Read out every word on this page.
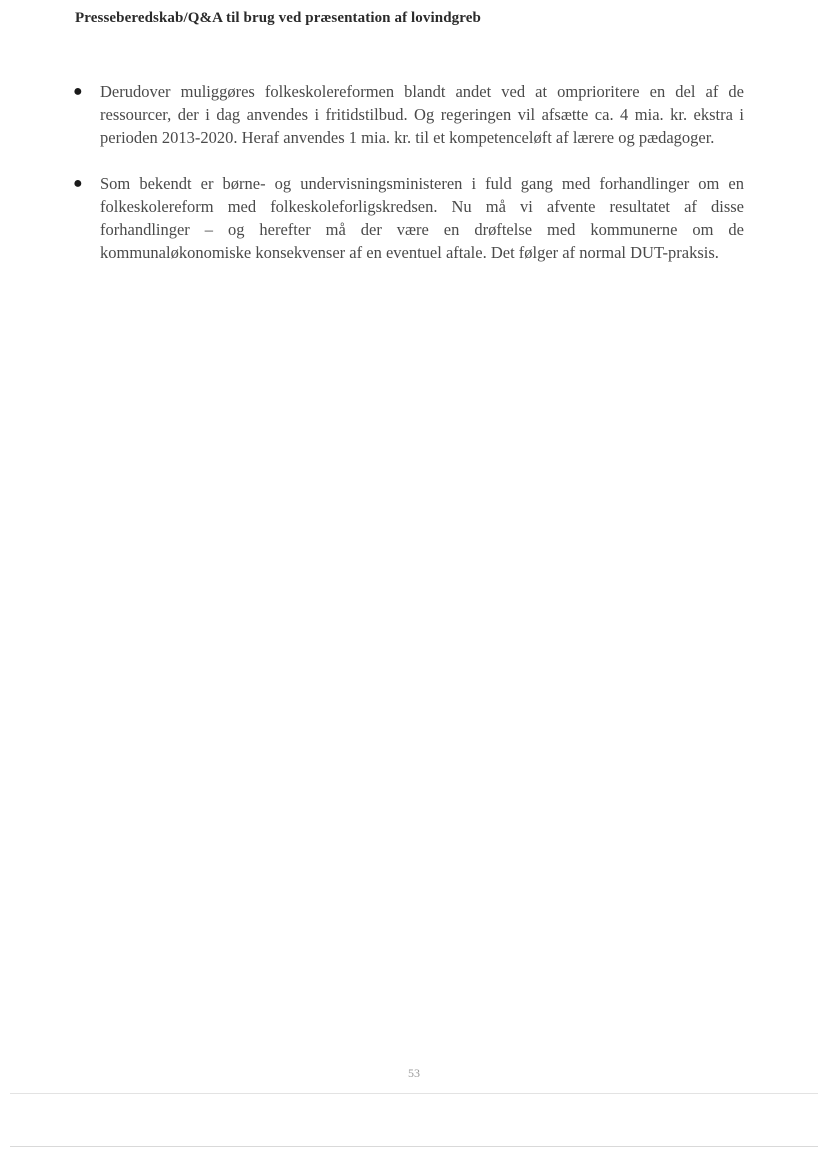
Presseberedskab/Q&A til brug ved præsentation af lovindgreb
●	Derudover muliggøres folkeskolereformen blandt andet ved at omprioritere en del af de ressourcer, der i dag anvendes i fritidstilbud. Og regeringen vil afsætte ca. 4 mia. kr. ekstra i perioden 2013-2020. Heraf anvendes 1 mia. kr. til et kompetenceløft af lærere og pædagoger.
●	Som bekendt er børne- og undervisningsministeren i fuld gang med forhandlinger om en folkeskolereform med folkeskoleforligskredsen. Nu må vi afvente resultatet af disse forhandlinger – og herefter må der være en drøftelse med kommunerne om de kommunaløkonomiske konsekvenser af en eventuel aftale. Det følger af normal DUT-praksis.
53
